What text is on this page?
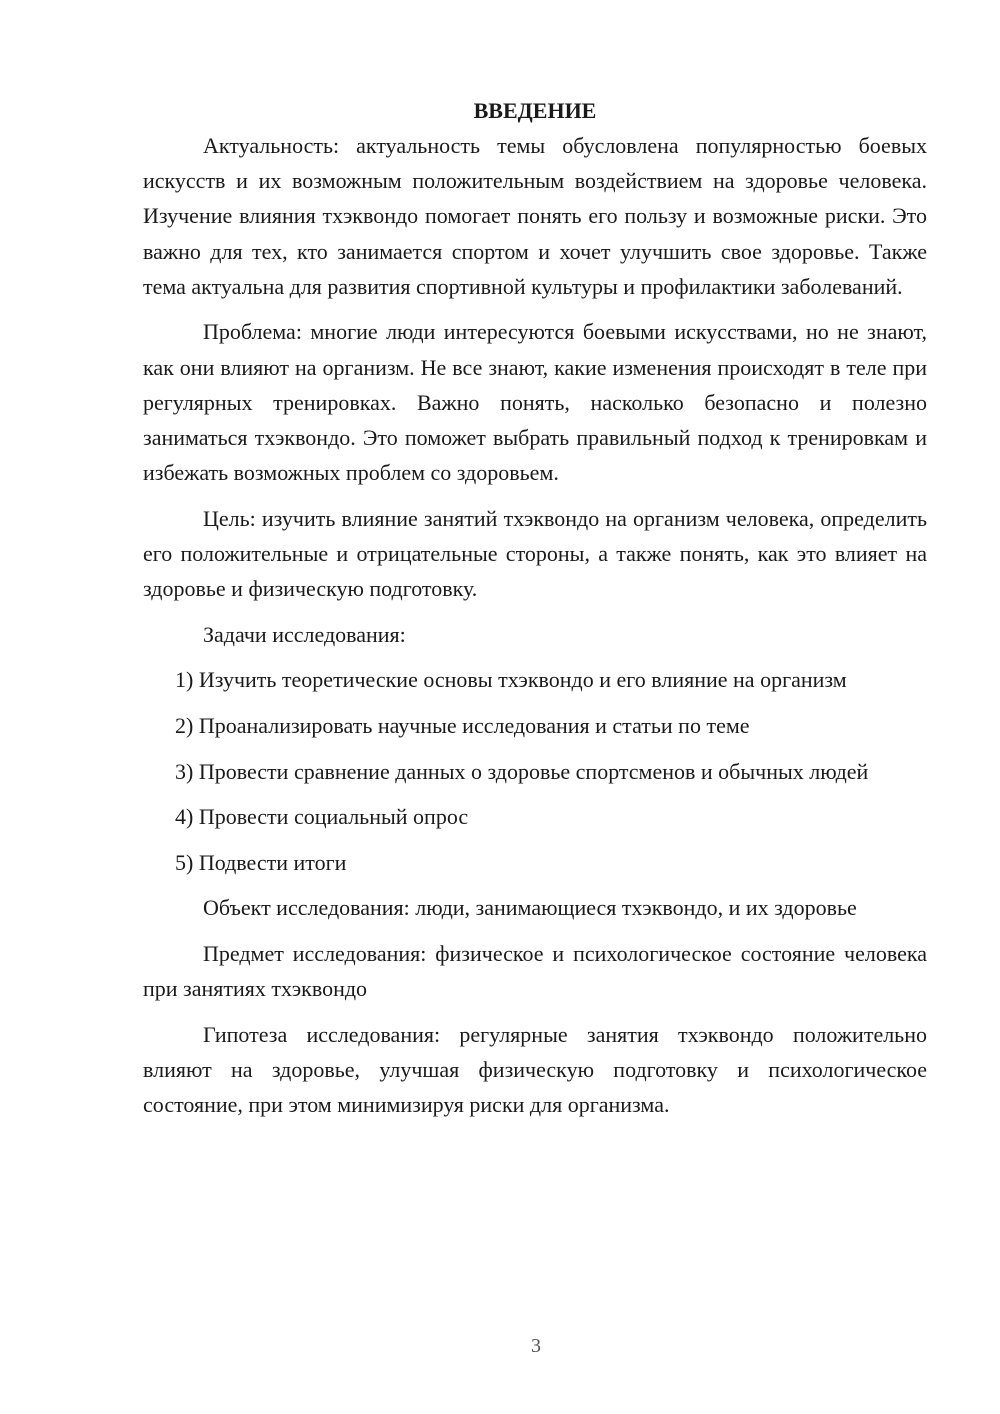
ВВЕДЕНИЕ

Актуальность: актуальность темы обусловлена популярностью боевых искусств и их возможным положительным воздействием на здоровье человека. Изучение влияния тхэквондо помогает понять его пользу и возможные риски. Это важно для тех, кто занимается спортом и хочет улучшить свое здоровье. Также тема актуальна для развития спортивной культуры и профилактики заболеваний.

Проблема: многие люди интересуются боевыми искусствами, но не знают, как они влияют на организм. Не все знают, какие изменения происходят в теле при регулярных тренировках. Важно понять, насколько безопасно и полезно заниматься тхэквондо. Это поможет выбрать правильный подход к тренировкам и избежать возможных проблем со здоровьем.

Цель: изучить влияние занятий тхэквондо на организм человека, определить его положительные и отрицательные стороны, а также понять, как это влияет на здоровье и физическую подготовку.

Задачи исследования:

1) Изучить теоретические основы тхэквондо и его влияние на организм

2) Проанализировать научные исследования и статьи по теме

3) Провести сравнение данных о здоровье спортсменов и обычных людей

4) Провести социальный опрос

5) Подвести итоги

Объект исследования: люди, занимающиеся тхэквондо, и их здоровье

Предмет исследования: физическое и психологическое состояние человека при занятиях тхэквондо

Гипотеза исследования: регулярные занятия тхэквондо положительно влияют на здоровье, улучшая физическую подготовку и психологическое состояние, при этом минимизируя риски для организма.

3
